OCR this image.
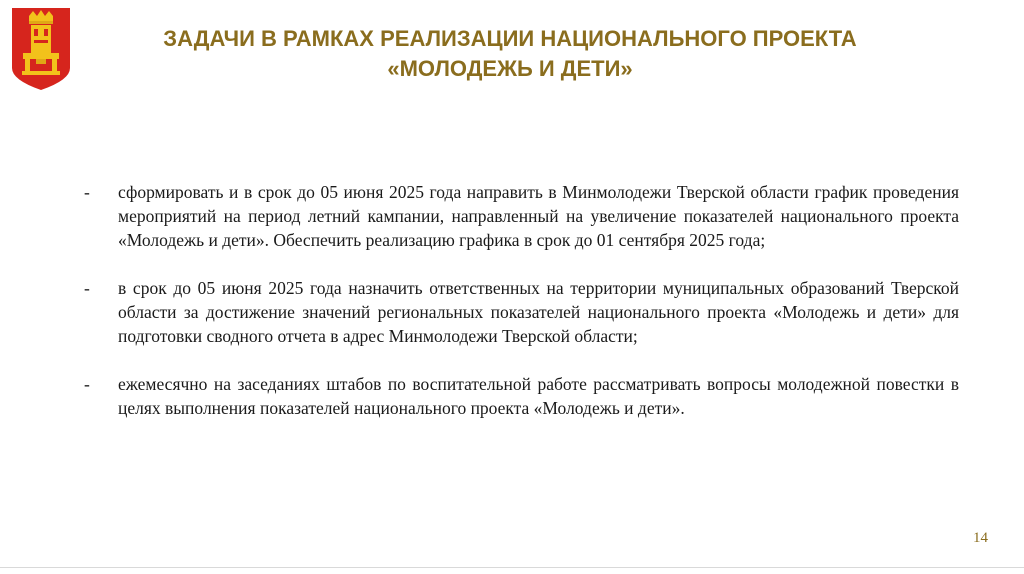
ЗАДАЧИ В РАМКАХ РЕАЛИЗАЦИИ НАЦИОНАЛЬНОГО ПРОЕКТА
«МОЛОДЕЖЬ И ДЕТИ»
- сформировать и в срок до 05 июня 2025 года направить в Минмолодежи Тверской области график проведения мероприятий на период летний кампании, направленный на увеличение показателей национального проекта «Молодежь и дети». Обеспечить реализацию графика в срок до 01 сентября 2025 года;
- в срок до 05 июня 2025 года назначить ответственных на территории муниципальных образований Тверской области за достижение значений региональных показателей национального проекта «Молодежь и дети» для подготовки сводного отчета в адрес Минмолодежи Тверской области;
- ежемесячно на заседаниях штабов по воспитательной работе рассматривать вопросы молодежной повестки в целях выполнения показателей национального проекта «Молодежь и дети».
14
